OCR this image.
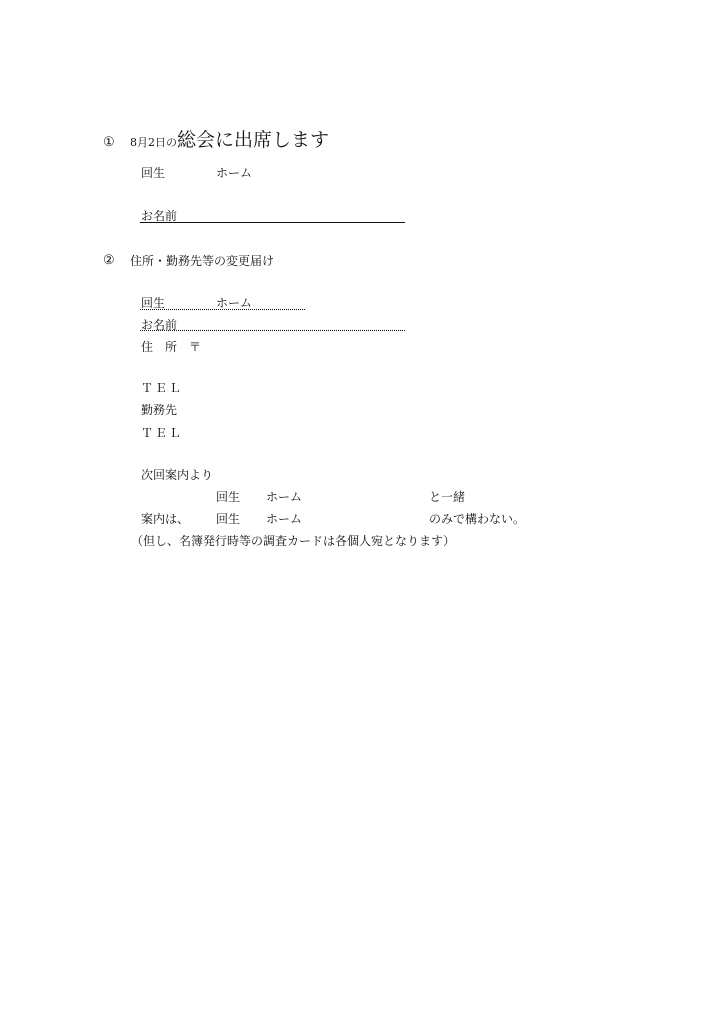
① 8月2日の総会に出席します
回生	ホーム
お名前
② 住所・勤務先等の変更届け
回生	ホーム
お名前
住　所　〒
ＴＥＬ
勤務先
ＴＥＬ
次回案内より
回生 ホーム	と一緒
案内は、 回生 ホーム	のみで構わない。
（但し、名簿発行時等の調査カードは各個人宛となります）
